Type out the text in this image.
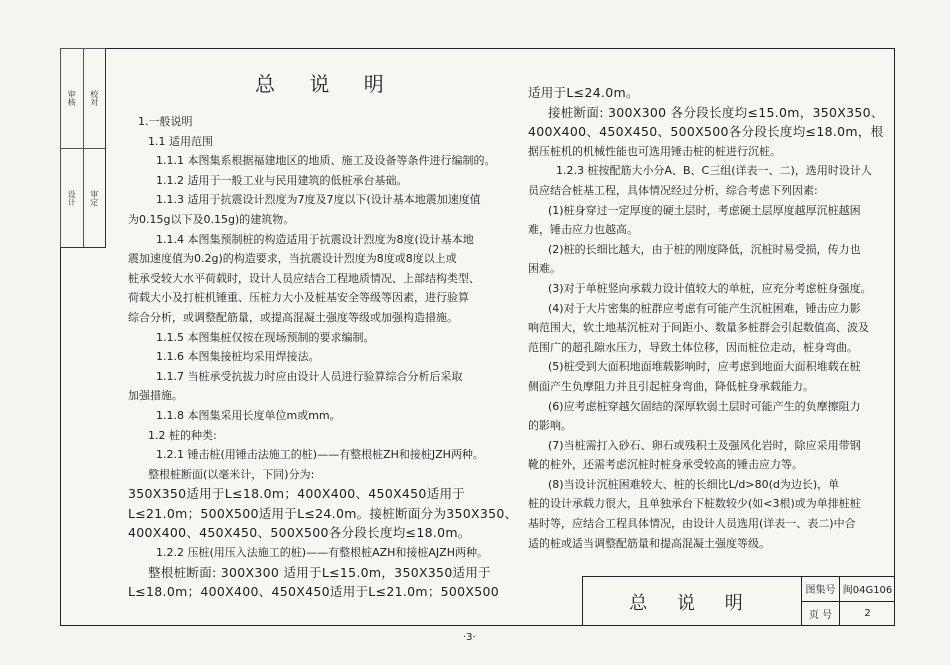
审核	校对
设计	审定
总 说 明

1.一般说明

1.1 适用范围

1.1.1 本图集系根据福建地区的地质、施工及设备等条件进行编制的。

1.1.2 适用于一般工业与民用建筑的低桩承台基础。

1.1.3 适用于抗震设计烈度为7度及7度以下(设计基本地震加速度值

为0.15g以下及0.15g)的建筑物。

1.1.4 本图集预制桩的构造适用于抗震设计烈度为8度(设计基本地

震加速度值为0.2g)的构造要求，当抗震设计烈度为8度或8度以上或

桩承受较大水平荷载时，设计人员应结合工程地质情况、上部结构类型、

荷载大小及打桩机锤重、压桩力大小及桩基安全等级等因素，进行验算

综合分析，或调整配筋量，或提高混凝土强度等级或加强构造措施。

1.1.5 本图集桩仅按在现场预制的要求编制。

1.1.6 本图集接桩均采用焊接法。

1.1.7 当桩承受抗拔力时应由设计人员进行验算综合分析后采取

加强措施。

1.1.8 本图集采用长度单位m或mm。

1.2 桩的种类:

1.2.1 锤击桩(用锤击法施工的桩)——有整根桩ZH和接桩JZH两种。

整根桩断面(以毫米计，下同)分为:

350X350适用于L≤18.0m；400X400、450X450适用于

L≤21.0m；500X500适用于L≤24.0m。接桩断面分为350X350、

400X400、450X450、500X500各分段长度均≤18.0m。

1.2.2 压桩(用压入法施工的桩)——有整根桩AZH和接桩AJZH两种。

整根桩断面: 300X300 适用于L≤15.0m，350X350适用于

L≤18.0m；400X400、450X450适用于L≤21.0m；500X500

适用于L≤24.0m。

接桩断面: 300X300 各分段长度均≤15.0m，350X350、

400X400、450X450、500X500各分段长度均≤18.0m，根

据压桩机的机械性能也可选用锤击桩的桩进行沉桩。

1.2.3 桩按配筋大小分A、B、C三组(详表一、二)，选用时设计人

员应结合桩基工程，具体情况经过分析，综合考虑下列因素:

(1)桩身穿过一定厚度的硬土层时，考虑硬土层厚度越厚沉桩越困

难，锤击应力也越高。

(2)桩的长细比越大，由于桩的刚度降低，沉桩时易受损，传力也

困难。

(3)对于单桩竖向承载力设计值较大的单桩，应充分考虑桩身强度。

(4)对于大片密集的桩群应考虑有可能产生沉桩困难，锤击应力影

响范围大，软土地基沉桩对于间距小、数量多桩群会引起数值高、波及

范围广的超孔隙水压力，导致土体位移，因而桩位走动，桩身弯曲。

(5)桩受到大面积地面堆载影响时，应考虑到地面大面积堆载在桩

侧面产生负摩阻力并且引起桩身弯曲，降低桩身承载能力。

(6)应考虑桩穿越欠固结的深厚软弱土层时可能产生的负摩擦阻力

的影响。

(7)当桩需打入砂石、卵石或残积土及强风化岩时，除应采用带钢

靴的桩外，还需考虑沉桩时桩身承受较高的锤击应力等。

(8)当设计沉桩困难较大、桩的长细比L/d>80(d为边长)，单

桩的设计承载力很大，且单独承台下桩数较少(如<3根)或为单排桩桩

基时等，应结合工程具体情况，由设计人员选用(详表一、表二)中合

适的桩或适当调整配筋量和提高混凝土强度等级。

总 说 明
图集号 闽04G106
页 号	2
·3·
